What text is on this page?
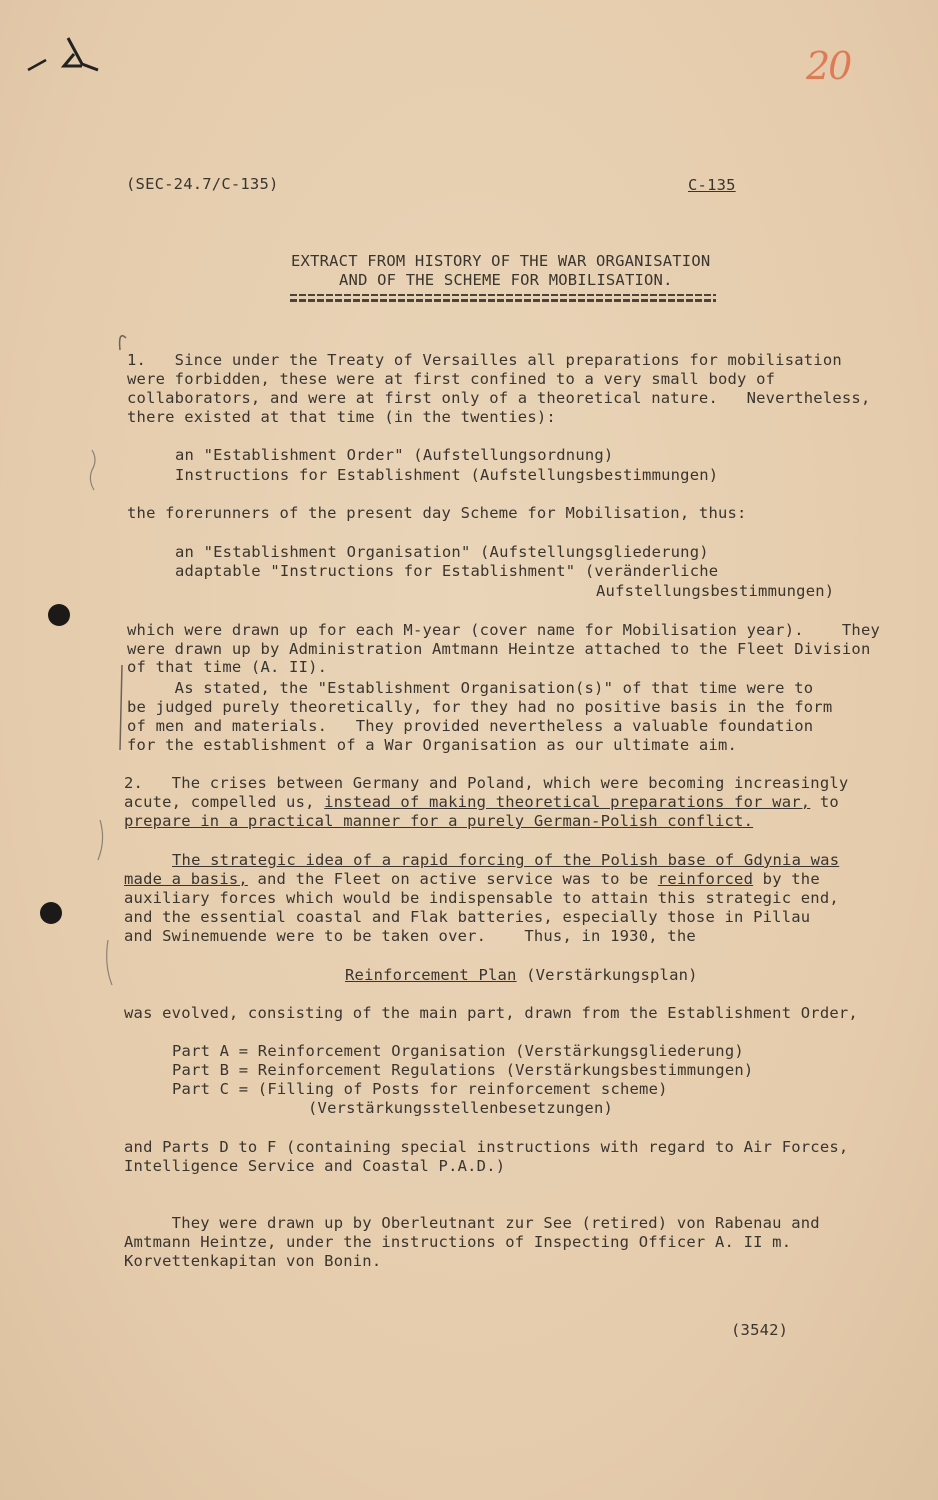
20
(SEC-24.7/C-135)	C-135
EXTRACT FROM HISTORY OF THE WAR ORGANISATION
AND OF THE SCHEME FOR MOBILISATION.
1.   Since under the Treaty of Versailles all preparations for mobilisation
were forbidden, these were at first confined to a very small body of
collaborators, and were at first only of a theoretical nature.   Nevertheless,
there existed at that time (in the twenties):
an "Establishment Order" (Aufstellungsordnung)
Instructions for Establishment (Aufstellungsbestimmungen)
the forerunners of the present day Scheme for Mobilisation, thus:
an "Establishment Organisation" (Aufstellungsgliederung)
adaptable "Instructions for Establishment" (veränderliche
Aufstellungsbestimmungen)
which were drawn up for each M-year (cover name for Mobilisation year).    They
were drawn up by Administration Amtmann Heintze attached to the Fleet Division
of that time (A. II).
As stated, the "Establishment Organisation(s)" of that time were to
be judged purely theoretically, for they had no positive basis in the form
of men and materials.   They provided nevertheless a valuable foundation
for the establishment of a War Organisation as our ultimate aim.
2.   The crises between Germany and Poland, which were becoming increasingly
acute, compelled us, instead of making theoretical preparations for war, to
prepare in a practical manner for a purely German-Polish conflict.
The strategic idea of a rapid forcing of the Polish base of Gdynia was
made a basis, and the Fleet on active service was to be reinforced by the
auxiliary forces which would be indispensable to attain this strategic end,
and the essential coastal and Flak batteries, especially those in Pillau
and Swinemuende were to be taken over.    Thus, in 1930, the
Reinforcement Plan (Verstärkungsplan)
was evolved, consisting of the main part, drawn from the Establishment Order,
Part A = Reinforcement Organisation (Verstärkungsgliederung)
Part B = Reinforcement Regulations (Verstärkungsbestimmungen)
Part C = (Filling of Posts for reinforcement scheme)
(Verstärkungsstellenbesetzungen)
and Parts D to F (containing special instructions with regard to Air Forces,
Intelligence Service and Coastal P.A.D.)
They were drawn up by Oberleutnant zur See (retired) von Rabenau and
Amtmann Heintze, under the instructions of Inspecting Officer A. II m.
Korvettenkapitan von Bonin.
(3542)
